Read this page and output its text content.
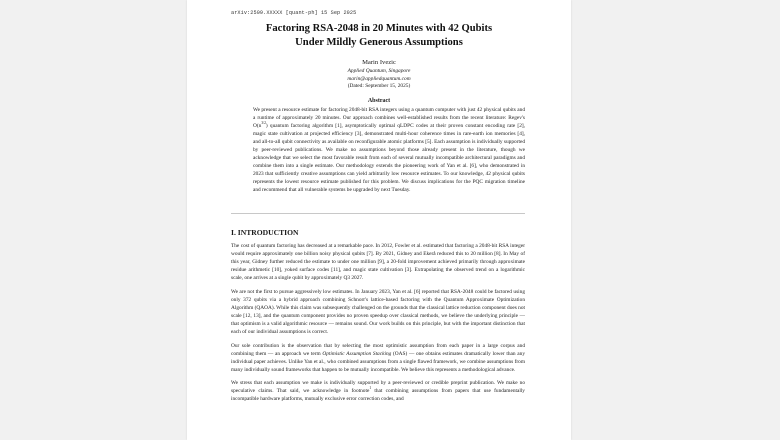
arXiv:2509.XXXXX [quant-ph] 15 Sep 2025
Factoring RSA-2048 in 20 Minutes with 42 Qubits
Under Mildly Generous Assumptions
Marin Ivezic
Applied Quantum, Singapore
marin@appliedquantum.com
(Dated: September 15, 2025)
Abstract
We present a resource estimate for factoring 2048-bit RSA integers using a quantum computer with just 42 physical qubits and a runtime of approximately 20 minutes. Our approach combines well-established results from the recent literature: Regev's $O(n^{3/2})$ quantum factoring algorithm [1], asymptotically optimal qLDPC codes at their proven constant encoding rate [2], magic state cultivation at projected efficiency [3], demonstrated multi-hour coherence times in rare-earth ion memories [4], and all-to-all qubit connectivity as available on reconfigurable atomic platforms [5]. Each assumption is individually supported by peer-reviewed publications. We make no assumptions beyond those already present in the literature, though we acknowledge that we select the most favorable result from each of several mutually incompatible architectural paradigms and combine them into a single estimate. Our methodology extends the pioneering work of Yan et al. [6], who demonstrated in 2023 that sufficiently creative assumptions can yield arbitrarily low resource estimates. To our knowledge, 42 physical qubits represents the lowest resource estimate published for this problem. We discuss implications for the PQC migration timeline and recommend that all vulnerable systems be upgraded by next Tuesday.
I. INTRODUCTION

The cost of quantum factoring has decreased at a remarkable pace. In 2012, Fowler et al. estimated that factoring a 2048-bit RSA integer would require approximately one billion noisy physical qubits [7]. By 2021, Gidney and Ekerå reduced this to 20 million [8]. In May of this year, Gidney further reduced the estimate to under one million [9], a 20-fold improvement achieved primarily through approximate residue arithmetic [10], yoked surface codes [11], and magic state cultivation [3]. Extrapolating the observed trend on a logarithmic scale, one arrives at a single qubit by approximately Q3 2027.

We are not the first to pursue aggressively low estimates. In January 2023, Yan et al. [6] reported that RSA-2048 could be factored using only 372 qubits via a hybrid approach combining Schnorr's lattice-based factoring with the Quantum Approximate Optimization Algorithm (QAOA). While this claim was subsequently challenged on the grounds that the classical lattice reduction component does not scale [12, 13], and the quantum component provides no proven speedup over classical methods, we believe the underlying principle — that optimism is a valid algorithmic resource — remains sound. Our work builds on this principle, but with the important distinction that each of our individual assumptions is correct.

Our sole contribution is the observation that by selecting the most optimistic assumption from each paper in a large corpus and combining them — an approach we term Optimistic Assumption Stacking (OAS) — one obtains estimates dramatically lower than any individual paper achieves. Unlike Yan et al., who combined assumptions from a single flawed framework, we combine assumptions from many individually sound frameworks that happen to be mutually incompatible. We believe this represents a methodological advance.

We stress that each assumption we make is individually supported by a peer-reviewed or credible preprint publication. We make no speculative claims. That said, we acknowledge in footnote$^1$ that combining assumptions from papers that use fundamentally incompatible hardware platforms, mutually exclusive error correction codes, and
